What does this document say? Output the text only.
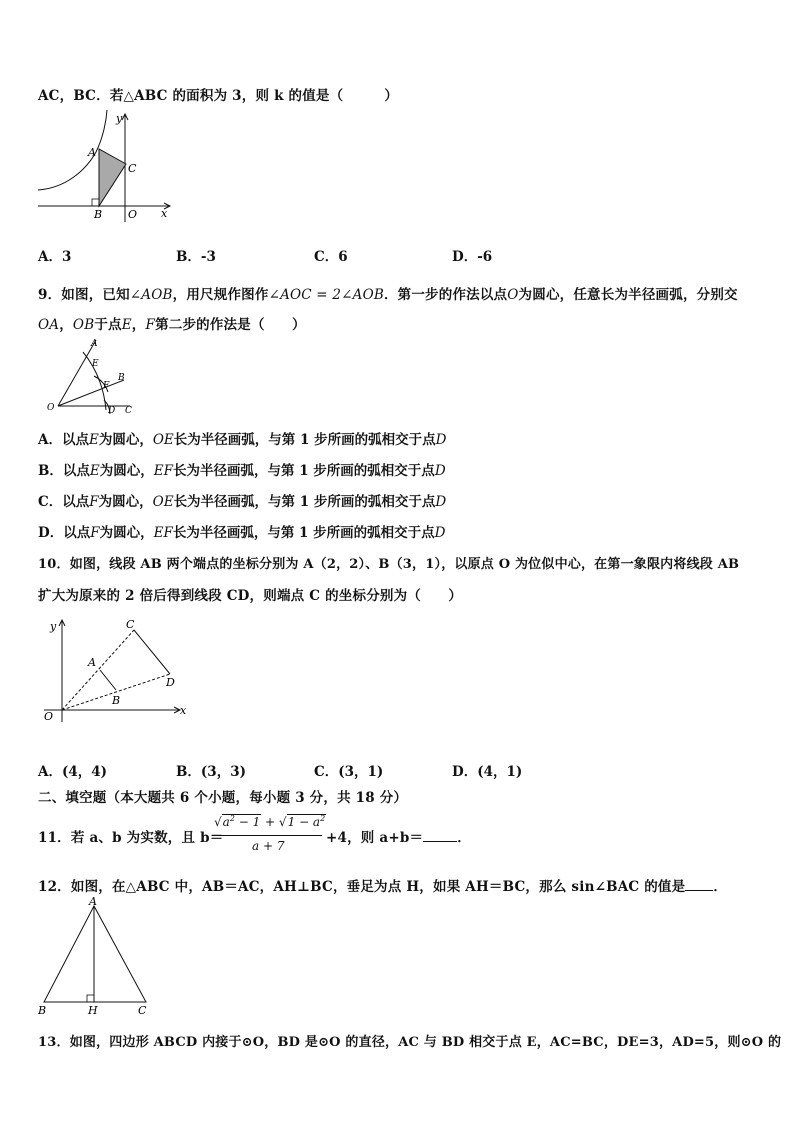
AC，BC．若△ABC 的面积为 3，则 k 的值是（　　　）
y
x
A
B
C
O
A．3	B．-3	C．6	D．-6
9．如图，已知∠AOB，用尺规作图作∠AOC = 2∠AOB．第一步的作法以点O为圆心，任意长为半径画弧，分别交
OA，OB于点E，F第二步的作法是（　　）
A
E
B
F
O	D C
A．以点E为圆心，OE长为半径画弧，与第 1 步所画的弧相交于点D
B．以点E为圆心，EF长为半径画弧，与第 1 步所画的弧相交于点D
C．以点F为圆心，OE长为半径画弧，与第 1 步所画的弧相交于点D
D．以点F为圆心，EF长为半径画弧，与第 1 步所画的弧相交于点D
10．如图，线段 AB 两个端点的坐标分别为 A（2，2）、B（3，1），以原点 O 为位似中心，在第一象限内将线段 AB
扩大为原来的 2 倍后得到线段 CD，则端点 C 的坐标分别为（　　）
y
x
C
A
D
B
O
A．(4，4)	B．(3，3)	C．(3，1)	D．(4，1)
二、填空题（本大题共 6 个小题，每小题 3 分，共 18 分）
11．若 a、b 为实数，且 b＝
$√a^2 - 1 + √1 - a^2$
a + 7	+4，则 a+b＝	．
12．如图，在△ABC 中，AB＝AC，AH⊥BC，垂足为点 H，如果 AH＝BC，那么 sin∠BAC 的值是 ．
A
B	H	C
13．如图，四边形 ABCD 内接于⊙O，BD 是⊙O 的直径，AC 与 BD 相交于点 E，AC=BC，DE=3，AD=5，则⊙O 的
